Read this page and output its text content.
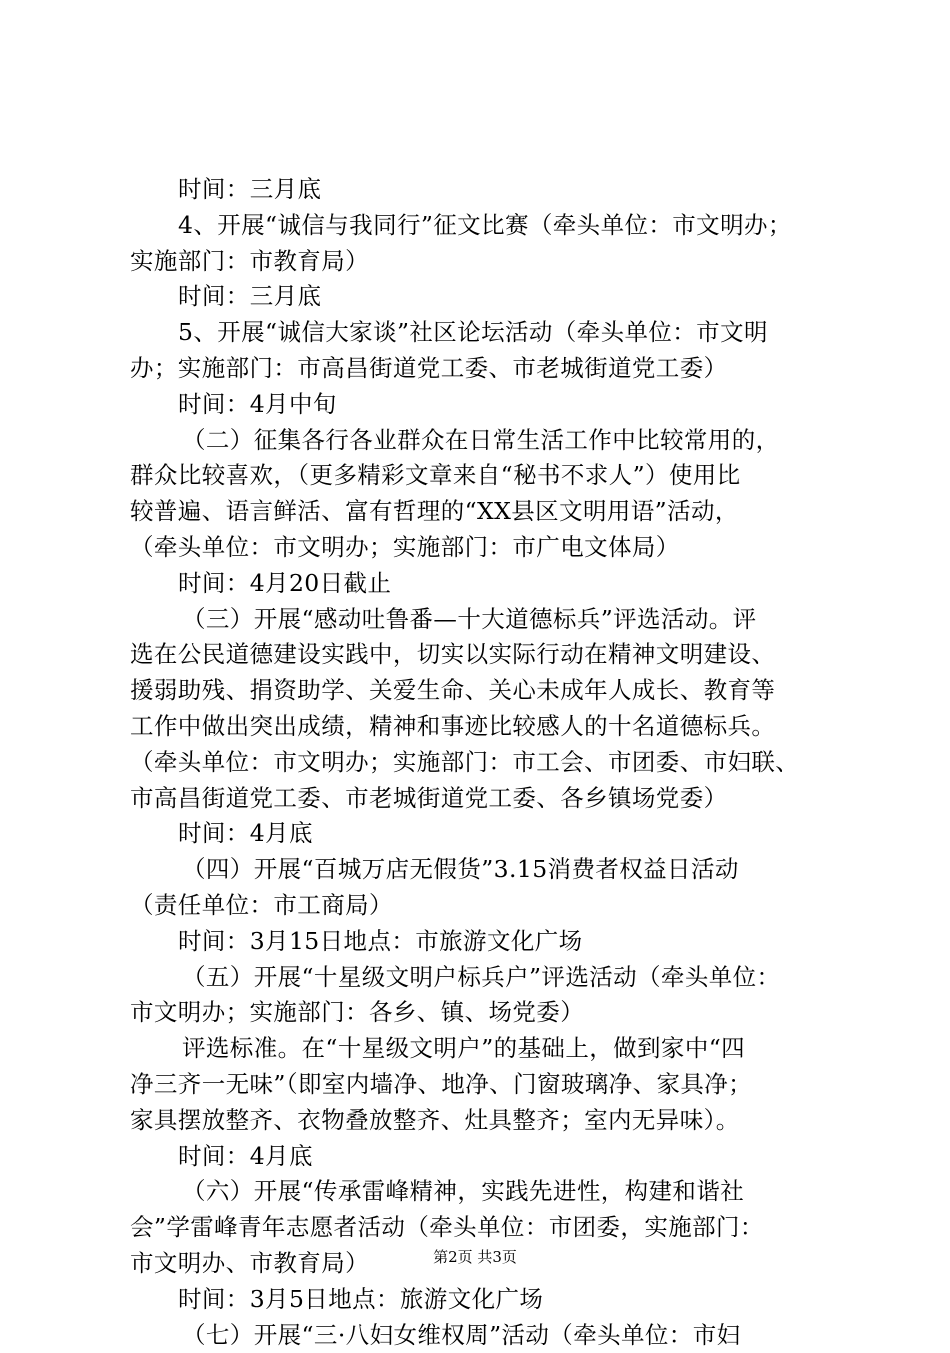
时间：三月底
4、开展“诚信与我同行”征文比赛（牵头单位：市文明办；
实施部门：市教育局）
时间：三月底
5、开展“诚信大家谈”社区论坛活动（牵头单位：市文明
办；实施部门：市高昌街道党工委、市老城街道党工委）
时间：4月中旬
（二）征集各行各业群众在日常生活工作中比较常用的，
群众比较喜欢，（更多精彩文章来自“秘书不求人”）使用比
较普遍、语言鲜活、富有哲理的“XX县区文明用语”活动，
（牵头单位：市文明办；实施部门：市广电文体局）
时间：4月20日截止
（三）开展“感动吐鲁番—十大道德标兵”评选活动。评
选在公民道德建设实践中，切实以实际行动在精神文明建设、
援弱助残、捐资助学、关爱生命、关心未成年人成长、教育等
工作中做出突出成绩，精神和事迹比较感人的十名道德标兵。
（牵头单位：市文明办；实施部门：市工会、市团委、市妇联、
市高昌街道党工委、市老城街道党工委、各乡镇场党委）
时间：4月底
（四）开展“百城万店无假货”3.15消费者权益日活动
（责任单位：市工商局）
时间：3月15日地点：市旅游文化广场
（五）开展“十星级文明户标兵户”评选活动（牵头单位：
市文明办；实施部门：各乡、镇、场党委）
评选标准。在“十星级文明户”的基础上，做到家中“四
净三齐一无味”（即室内墙净、地净、门窗玻璃净、家具净；
家具摆放整齐、衣物叠放整齐、灶具整齐；室内无异味）。
时间：4月底
（六）开展“传承雷峰精神，实践先进性，构建和谐社
会”学雷峰青年志愿者活动（牵头单位：市团委，实施部门：
市文明办、市教育局）
时间：3月5日地点：旅游文化广场
（七）开展“三·八妇女维权周”活动（牵头单位：市妇
第2页 共3页
